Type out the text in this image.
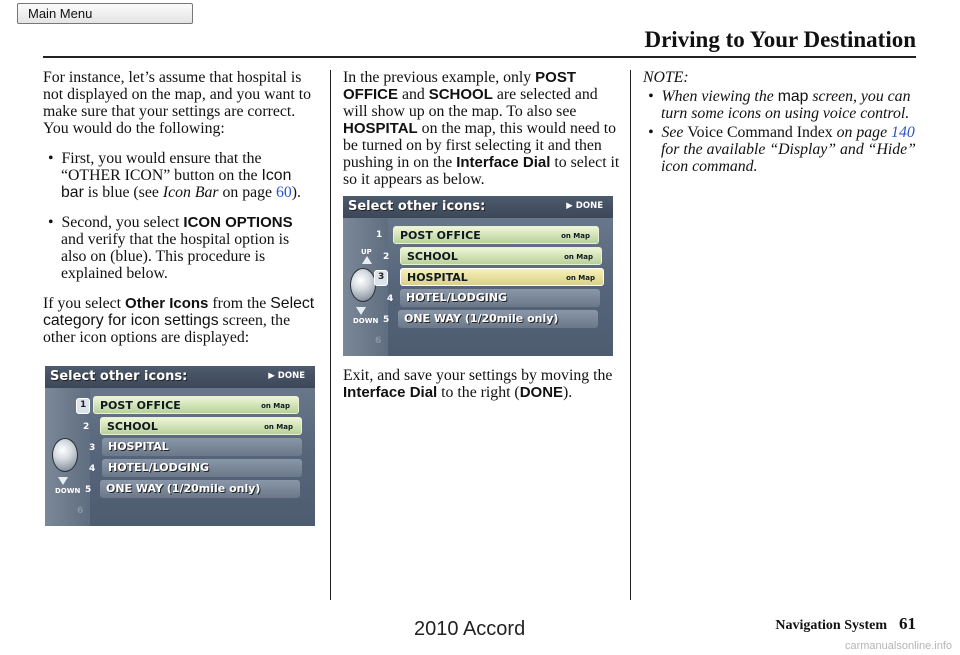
Main Menu
Driving to Your Destination

For instance, let’s assume that hospital is not displayed on the map, and you want to make sure that your settings are correct. You would do the following:

•  First, you would ensure that the “OTHER ICON” button on the Icon bar is blue (see Icon Bar on page 60).
•  Second, you select ICON OPTIONS and verify that the hospital option is also on (blue). This procedure is explained below.

If you select Other Icons from the Select category for icon settings screen, the other icon options are displayed:

Select other icons:	▶ DONE
DOWN
1
2
3
4
5
6
POST OFFICE	on Map
SCHOOL	on Map
HOSPITAL
HOTEL/LODGING
ONE WAY (1/20mile only)

In the previous example, only POST OFFICE and SCHOOL are selected and will show up on the map. To also see HOSPITAL on the map, this would need to be turned on by first selecting it and then pushing in on the Interface Dial to select it so it appears as below.

Select other icons:	▶ DONE
UP
DOWN
1
2
3
4
5
6
POST OFFICE	on Map
SCHOOL	on Map
HOSPITAL	on Map
HOTEL/LODGING
ONE WAY (1/20mile only)

Exit, and save your settings by moving the Interface Dial to the right (DONE).

NOTE:

•  When viewing the map screen, you can turn some icons on using voice control.
•  See Voice Command Index on page 140 for the available “Display” and “Hide” icon command.
Navigation System 61
2010 Accord
carmanualsonline.info
